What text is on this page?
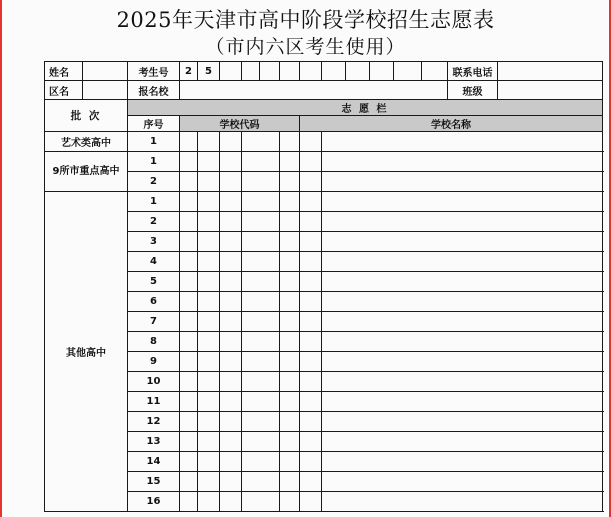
2025年天津市高中阶段学校招生志愿表
（市内六区考生使用）
姓名		考生号	2	5											联系电话	
区名		报名校													班级	
批 次		志 愿 栏														
		序号	学校代码						学校名称							
艺术类高中		1														
9所市重点高中		1														
		2														
其他高中		1														
		2														
		3														
		4														
		5														
		6														
		7														
		8														
		9														
		10														
		11														
		12														
		13														
		14														
		15														
		16														
